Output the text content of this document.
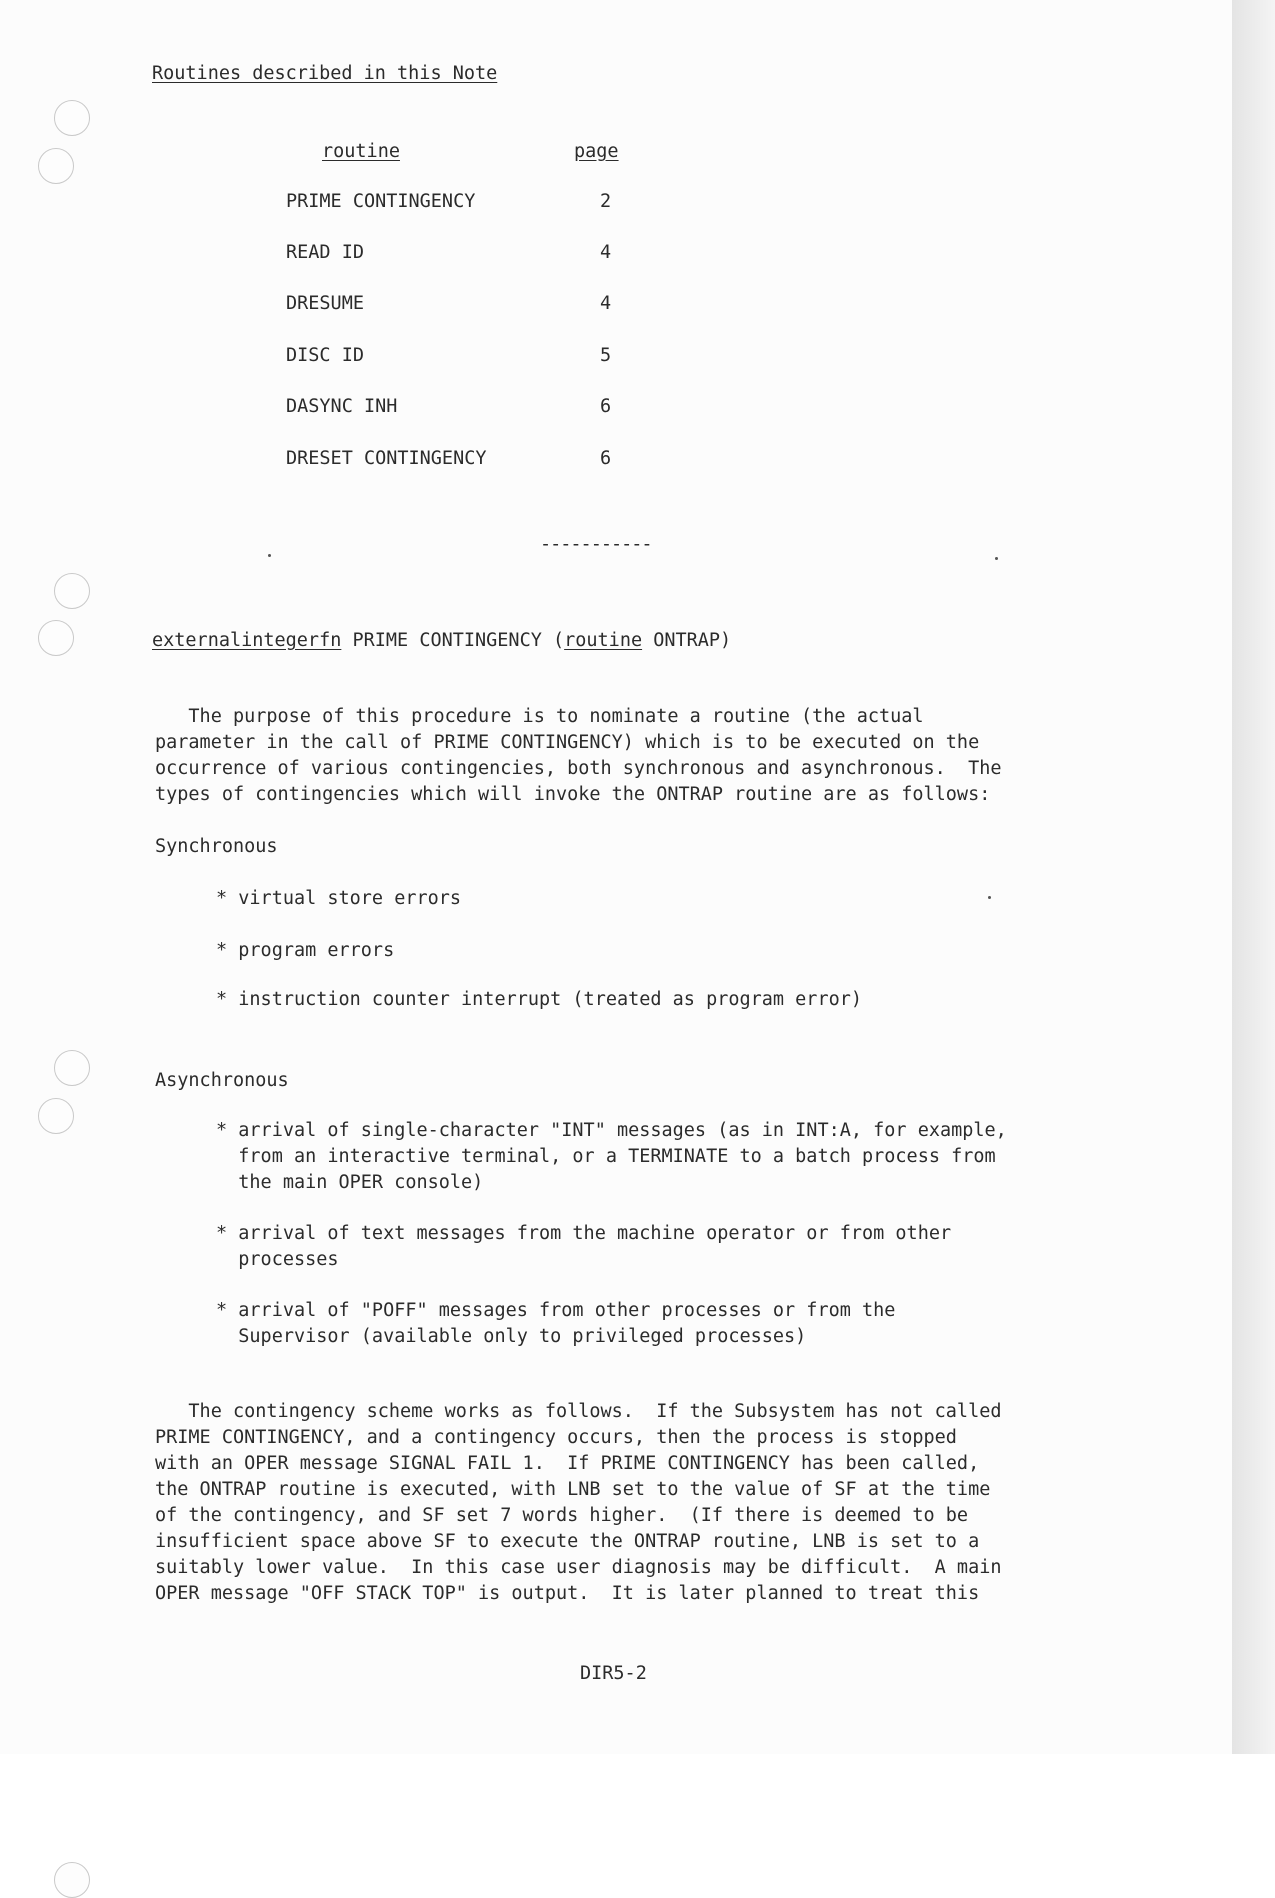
Routines described in this Note
routine	page
PRIME CONTINGENCY	2
READ ID	4
DRESUME	4
DISC ID	5
DASYNC INH	6
DRESET CONTINGENCY	6
-----------
externalintegerfn PRIME CONTINGENCY (routine ONTRAP)
The purpose of this procedure is to nominate a routine (the actual
parameter in the call of PRIME CONTINGENCY) which is to be executed on the
occurrence of various contingencies, both synchronous and asynchronous.  The
types of contingencies which will invoke the ONTRAP routine are as follows:
Synchronous
* virtual store errors
* program errors
* instruction counter interrupt (treated as program error)
Asynchronous
* arrival of single-character "INT" messages (as in INT:A, for example,
from an interactive terminal, or a TERMINATE to a batch process from
the main OPER console)
* arrival of text messages from the machine operator or from other
processes
* arrival of "POFF" messages from other processes or from the
Supervisor (available only to privileged processes)
The contingency scheme works as follows.  If the Subsystem has not called
PRIME CONTINGENCY, and a contingency occurs, then the process is stopped
with an OPER message SIGNAL FAIL 1.  If PRIME CONTINGENCY has been called,
the ONTRAP routine is executed, with LNB set to the value of SF at the time
of the contingency, and SF set 7 words higher.  (If there is deemed to be
insufficient space above SF to execute the ONTRAP routine, LNB is set to a
suitably lower value.  In this case user diagnosis may be difficult.  A main
OPER message "OFF STACK TOP" is output.  It is later planned to treat this
DIR5-2
